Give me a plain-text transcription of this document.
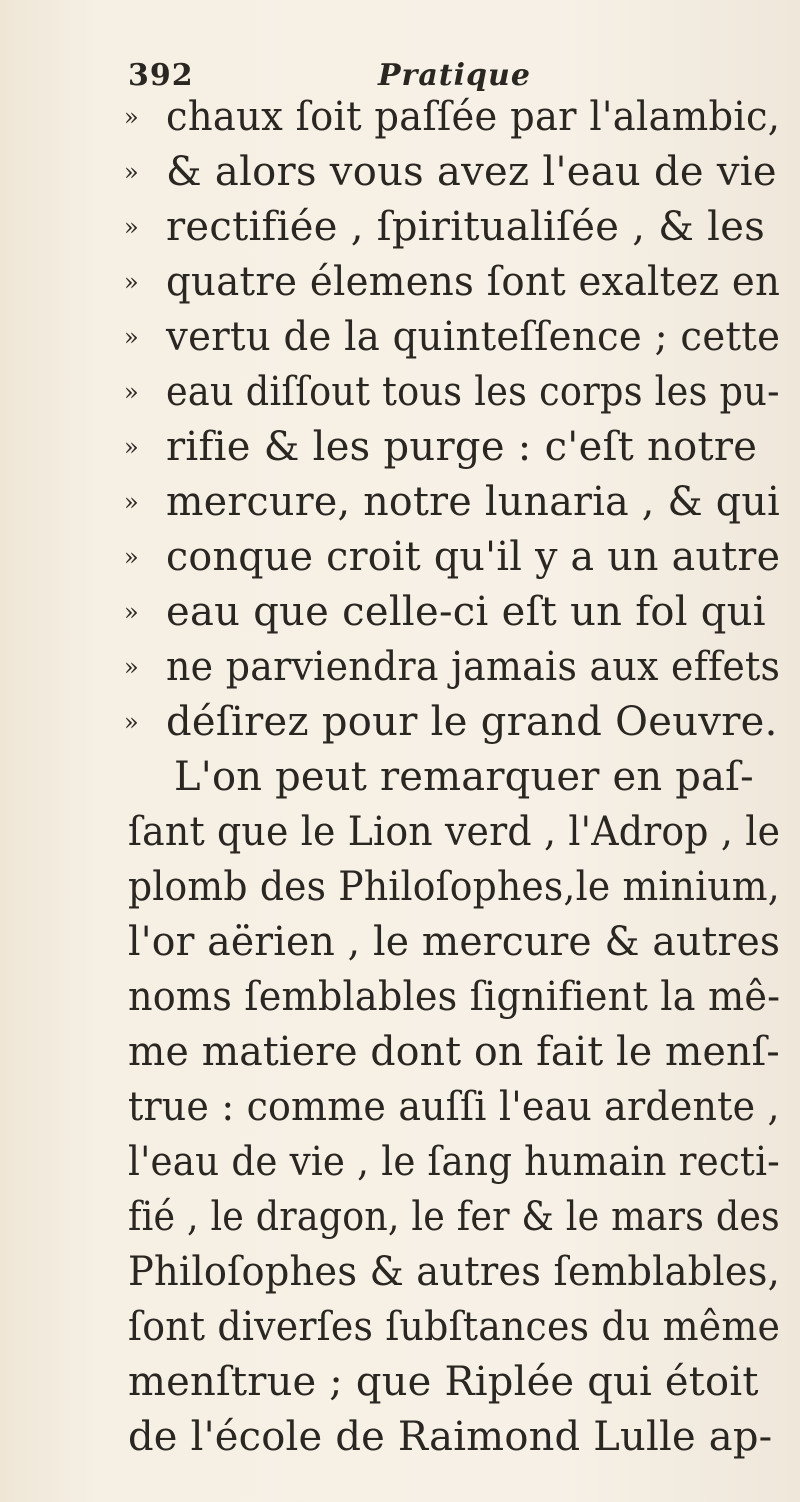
392	Pratique
» chaux ſoit paſſée par l'alambic,
» & alors vous avez l'eau de vie
» rectifiée , ſpiritualiſée , & les
» quatre élemens ſont exaltez en
» vertu de la quinteſſence ; cette
» eau diſſout tous les corps les pu-
» rifie & les purge : c'eſt notre
» mercure, notre lunaria , & qui
» conque croit qu'il y a un autre
» eau que celle-ci eſt un fol qui
» ne parviendra jamais aux effets
» déſirez pour le grand Oeuvre.
L'on peut remarquer en paſ-
ſant que le Lion verd , l'Adrop , le
plomb des Philoſophes,le minium,
l'or aërien , le mercure & autres
noms ſemblables ſignifient la mê-
me matiere dont on fait le menſ-
true : comme auſſi l'eau ardente ,
l'eau de vie , le ſang humain recti-
fié , le dragon, le fer & le mars des
Philoſophes & autres ſemblables,
ſont diverſes ſubſtances du même
menſtrue ; que Riplée qui étoit
de l'école de Raimond Lulle ap-
